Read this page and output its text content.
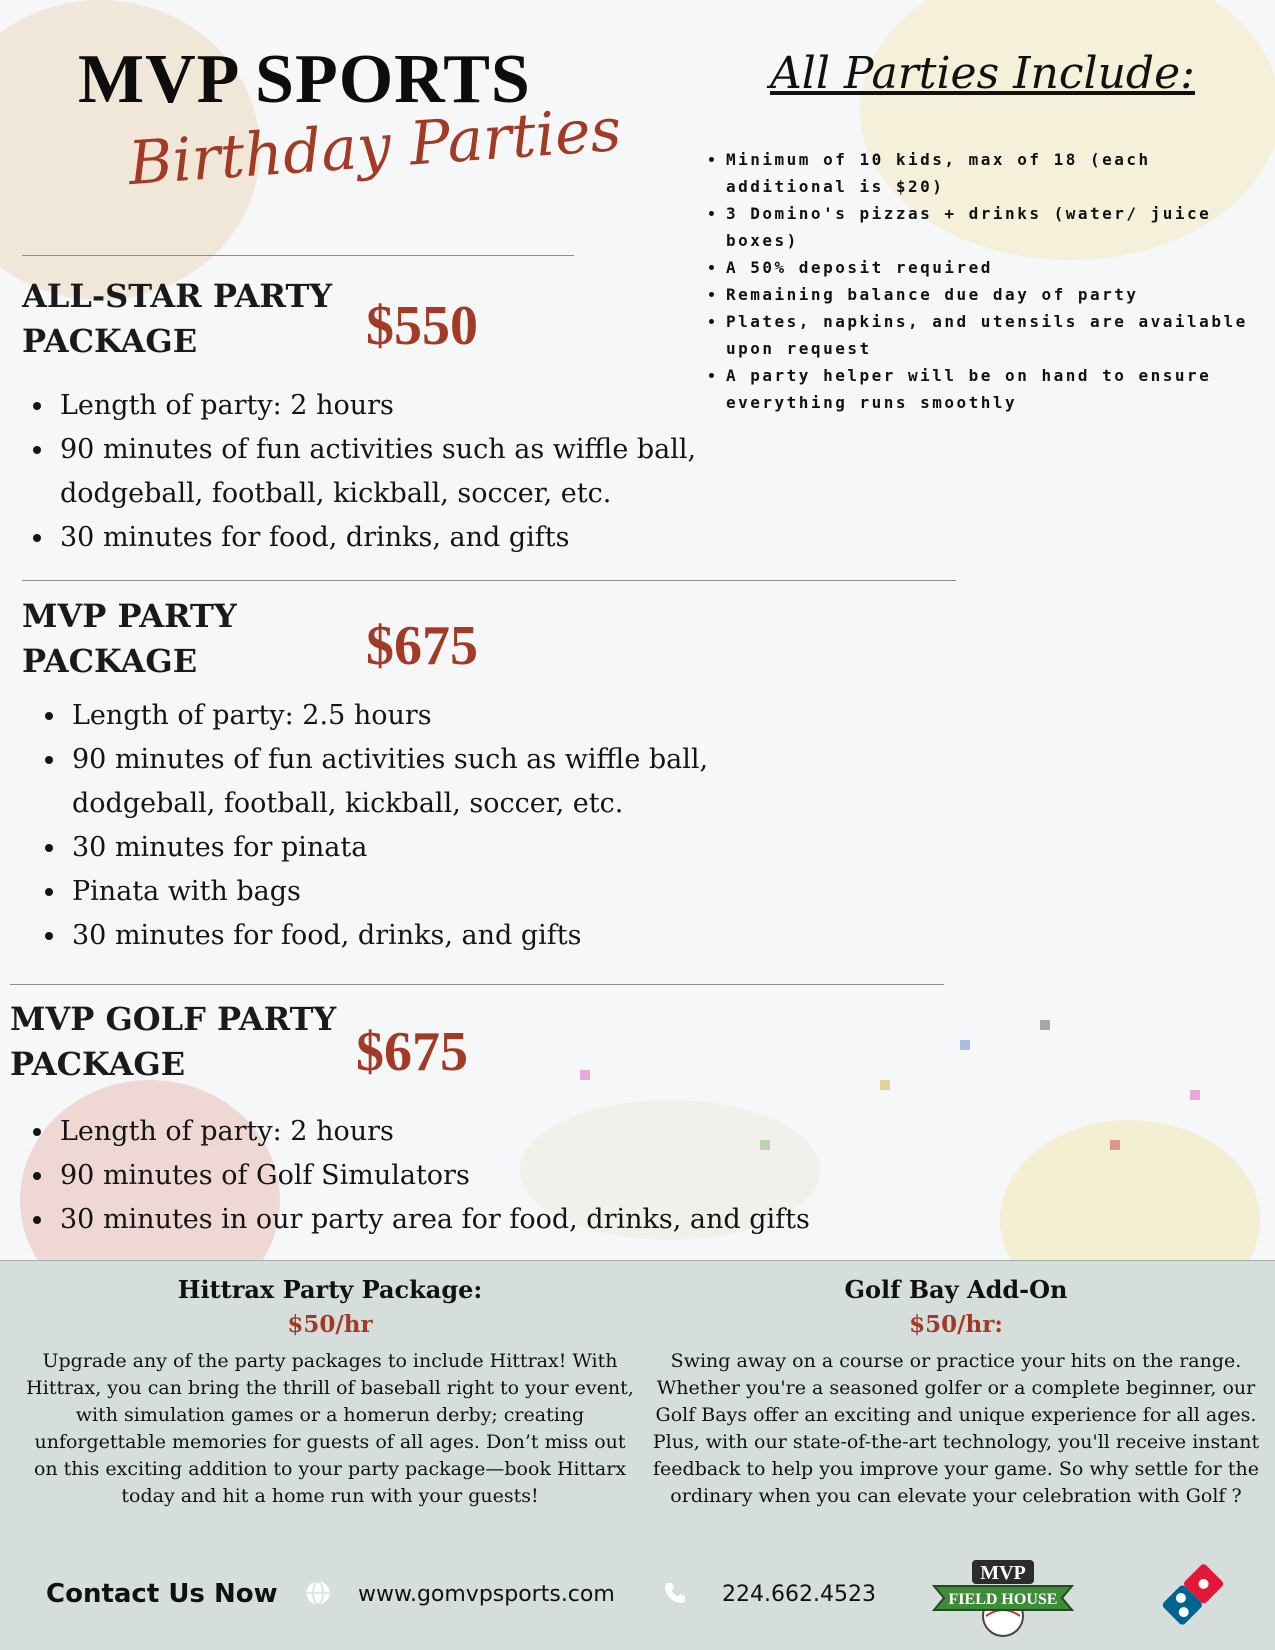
MVP SPORTS
Birthday Parties
All Parties Include:
• Minimum of 10 kids, max of 18 (each additional is $20)
• 3 Domino's pizzas + drinks (water/ juice boxes)
• A 50% deposit required
• Remaining balance due day of party
• Plates, napkins, and utensils are available upon request
• A party helper will be on hand to ensure everything runs smoothly
ALL-STAR PARTY
PACKAGE	$550
• Length of party: 2 hours
• 90 minutes of fun activities such as wiffle ball, dodgeball, football, kickball, soccer, etc.
• 30 minutes for food, drinks, and gifts
MVP PARTY
PACKAGE	$675
• Length of party: 2.5 hours
• 90 minutes of fun activities such as wiffle ball, dodgeball, football, kickball, soccer, etc.
• 30 minutes for pinata
• Pinata with bags
• 30 minutes for food, drinks, and gifts
MVP GOLF PARTY
PACKAGE	$675
• Length of party: 2 hours
• 90 minutes of Golf Simulators
• 30 minutes in our party area for food, drinks, and gifts

Hittrax Party Package:

$50/hr

Upgrade any of the party packages to include Hittrax! With Hittrax, you can bring the thrill of baseball right to your event, with simulation games or a homerun derby; creating unforgettable memories for guests of all ages. Don’t miss out on this exciting addition to your party package—book Hittarx today and hit a home run with your guests!

Golf Bay Add-On

$50/hr:

Swing away on a course or practice your hits on the range. Whether you're a seasoned golfer or a complete beginner, our Golf Bays offer an exciting and unique experience for all ages. Plus, with our state-of-the-art technology, you'll receive instant feedback to help you improve your game. So why settle for the ordinary when you can elevate your celebration with Golf ?

Contact Us Now	www.gomvpsports.com	224.662.4523
MVP
FIELD HOUSE
